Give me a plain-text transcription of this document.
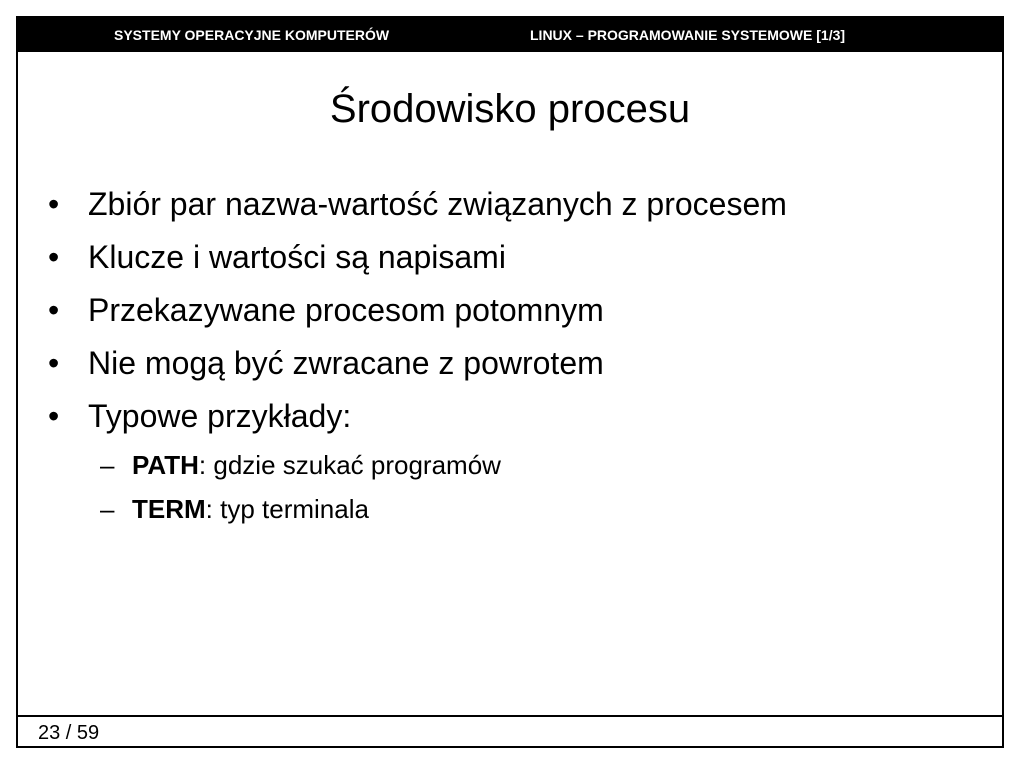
SYSTEMY OPERACYJNE KOMPUTERÓW	LINUX – PROGRAMOWANIE SYSTEMOWE [1/3]
Środowisko procesu
• Zbiór par nazwa-wartość związanych z procesem
• Klucze i wartości są napisami
• Przekazywane procesom potomnym
• Nie mogą być zwracane z powrotem
• Typowe przykłady:
– PATH: gdzie szukać programów
– TERM: typ terminala
23 / 59
